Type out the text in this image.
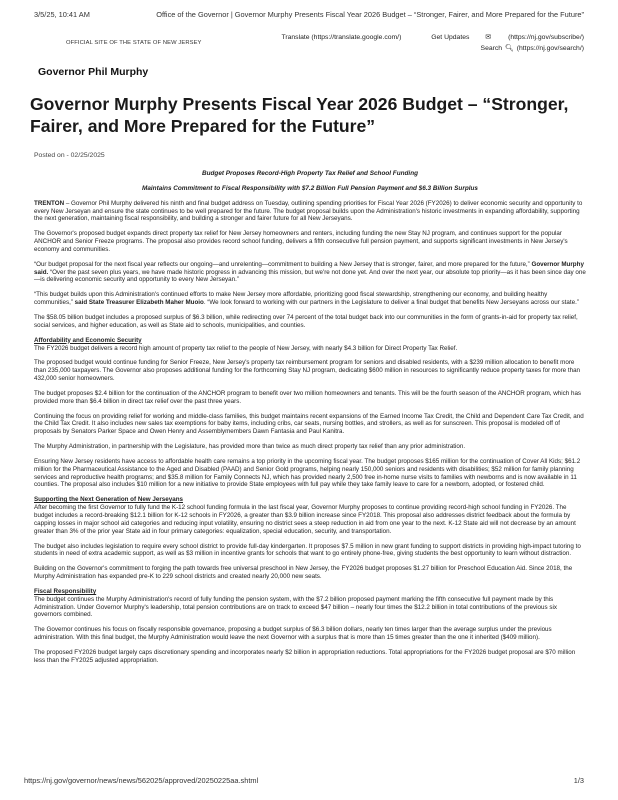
3/5/25, 10:41 AM	Office of the Governor | Governor Murphy Presents Fiscal Year 2026 Budget – “Stronger, Fairer, and More Prepared for the Future”
OFFICIAL SITE OF THE STATE OF NEW JERSEY
Translate (https://translate.google.com/)	Get Updates ✉ (https://nj.gov/subscribe/)
Search 🔍︎ (https://nj.gov/search/)
Governor Phil Murphy
Governor Murphy Presents Fiscal Year 2026 Budget – “Stronger, Fairer, and More Prepared for the Future”
Posted on - 02/25/2025

Budget Proposes Record-High Property Tax Relief and School Funding

Maintains Commitment to Fiscal Responsibility with $7.2 Billion Full Pension Payment and $6.3 Billion Surplus

TRENTON – Governor Phil Murphy delivered his ninth and final budget address on Tuesday, outlining spending priorities for Fiscal Year 2026 (FY2026) to deliver economic security and opportunity to every New Jerseyan and ensure the state continues to be well prepared for the future. The budget proposal builds upon the Administration's historic investments in expanding affordability, supporting the next generation, maintaining fiscal responsibility, and building a stronger and fairer future for all New Jerseyans.

The Governor's proposed budget expands direct property tax relief for New Jersey homeowners and renters, including funding the new Stay NJ program, and continues support for the popular ANCHOR and Senior Freeze programs. The proposal also provides record school funding, delivers a fifth consecutive full pension payment, and supports significant investments in New Jersey's economy and communities.

“Our budget proposal for the next fiscal year reflects our ongoing—and unrelenting—commitment to building a New Jersey that is stronger, fairer, and more prepared for the future,” Governor Murphy said. “Over the past seven plus years, we have made historic progress in advancing this mission, but we're not done yet. And over the next year, our absolute top priority—as it has been since day one—is delivering economic security and opportunity to every New Jerseyan.”

“This budget builds upon this Administration's continued efforts to make New Jersey more affordable, prioritizing good fiscal stewardship, strengthening our economy, and building healthy communities,” said State Treasurer Elizabeth Maher Muoio. “We look forward to working with our partners in the Legislature to deliver a final budget that benefits New Jerseyans across our state.”

The $58.05 billion budget includes a proposed surplus of $6.3 billion, while redirecting over 74 percent of the total budget back into our communities in the form of grants-in-aid for property tax relief, social services, and higher education, as well as State aid to schools, municipalities, and counties.

Affordability and Economic Security

The FY2026 budget delivers a record high amount of property tax relief to the people of New Jersey, with nearly $4.3 billion for Direct Property Tax Relief.

The proposed budget would continue funding for Senior Freeze, New Jersey's property tax reimbursement program for seniors and disabled residents, with a $239 million allocation to benefit more than 235,000 taxpayers. The Governor also proposes additional funding for the forthcoming Stay NJ program, dedicating $600 million in resources to significantly reduce property taxes for more than 432,000 senior homeowners.

The budget proposes $2.4 billion for the continuation of the ANCHOR program to benefit over two million homeowners and tenants. This will be the fourth season of the ANCHOR program, which has provided more than $6.4 billion in direct tax relief over the past three years.

Continuing the focus on providing relief for working and middle-class families, this budget maintains recent expansions of the Earned Income Tax Credit, the Child and Dependent Care Tax Credit, and the Child Tax Credit. It also includes new sales tax exemptions for baby items, including cribs, car seats, nursing bottles, and strollers, as well as for sunscreen. This proposal is modeled off of proposals by Senators Parker Space and Owen Henry and Assemblymembers Dawn Fantasia and Paul Kanitra.

The Murphy Administration, in partnership with the Legislature, has provided more than twice as much direct property tax relief than any prior administration.

Ensuring New Jersey residents have access to affordable health care remains a top priority in the upcoming fiscal year. The budget proposes $165 million for the continuation of Cover All Kids; $61.2 million for the Pharmaceutical Assistance to the Aged and Disabled (PAAD) and Senior Gold programs, helping nearly 150,000 seniors and residents with disabilities; $52 million for family planning services and reproductive health programs; and $35.8 million for Family Connects NJ, which has provided nearly 2,500 free in-home nurse visits to families with newborns and is now available in 11 counties. The proposal also includes $10 million for a new initiative to provide State employees with full pay while they take family leave to care for a newborn, adopted, or fostered child.

Supporting the Next Generation of New Jerseyans

After becoming the first Governor to fully fund the K-12 school funding formula in the last fiscal year, Governor Murphy proposes to continue providing record-high school funding in FY2026. The budget includes a record-breaking $12.1 billion for K-12 schools in FY2026, a greater than $3.9 billion increase since FY2018. This proposal also addresses district feedback about the formula by capping losses in major school aid categories and reducing input volatility, ensuring no district sees a steep reduction in aid from one year to the next. K-12 State aid will not decrease by an amount greater than 3% of the prior year State aid in four primary categories: equalization, special education, security, and transportation.

The budget also includes legislation to require every school district to provide full-day kindergarten. It proposes $7.5 million in new grant funding to support districts in providing high-impact tutoring to students in need of extra academic support, as well as $3 million in incentive grants for schools that want to go entirely phone-free, giving students the best opportunity to learn without distraction.

Building on the Governor's commitment to forging the path towards free universal preschool in New Jersey, the FY2026 budget proposes $1.27 billion for Preschool Education Aid. Since 2018, the Murphy Administration has expanded pre-K to 229 school districts and created nearly 20,000 new seats.

Fiscal Responsibility

The budget continues the Murphy Administration's record of fully funding the pension system, with the $7.2 billion proposed payment marking the fifth consecutive full payment made by this Administration. Under Governor Murphy's leadership, total pension contributions are on track to exceed $47 billion – nearly four times the $12.2 billion in total contributions of the previous six governors combined.

The Governor continues his focus on fiscally responsible governance, proposing a budget surplus of $6.3 billion dollars, nearly ten times larger than the average surplus under the previous administration. With this final budget, the Murphy Administration would leave the next Governor with a surplus that is more than 15 times greater than the one it inherited ($409 million).

The proposed FY2026 budget largely caps discretionary spending and incorporates nearly $2 billion in appropriation reductions. Total appropriations for the FY2026 budget proposal are $70 million less than the FY2025 adjusted appropriation.

https://nj.gov/governor/news/news/562025/approved/20250225aa.shtml	1/3
